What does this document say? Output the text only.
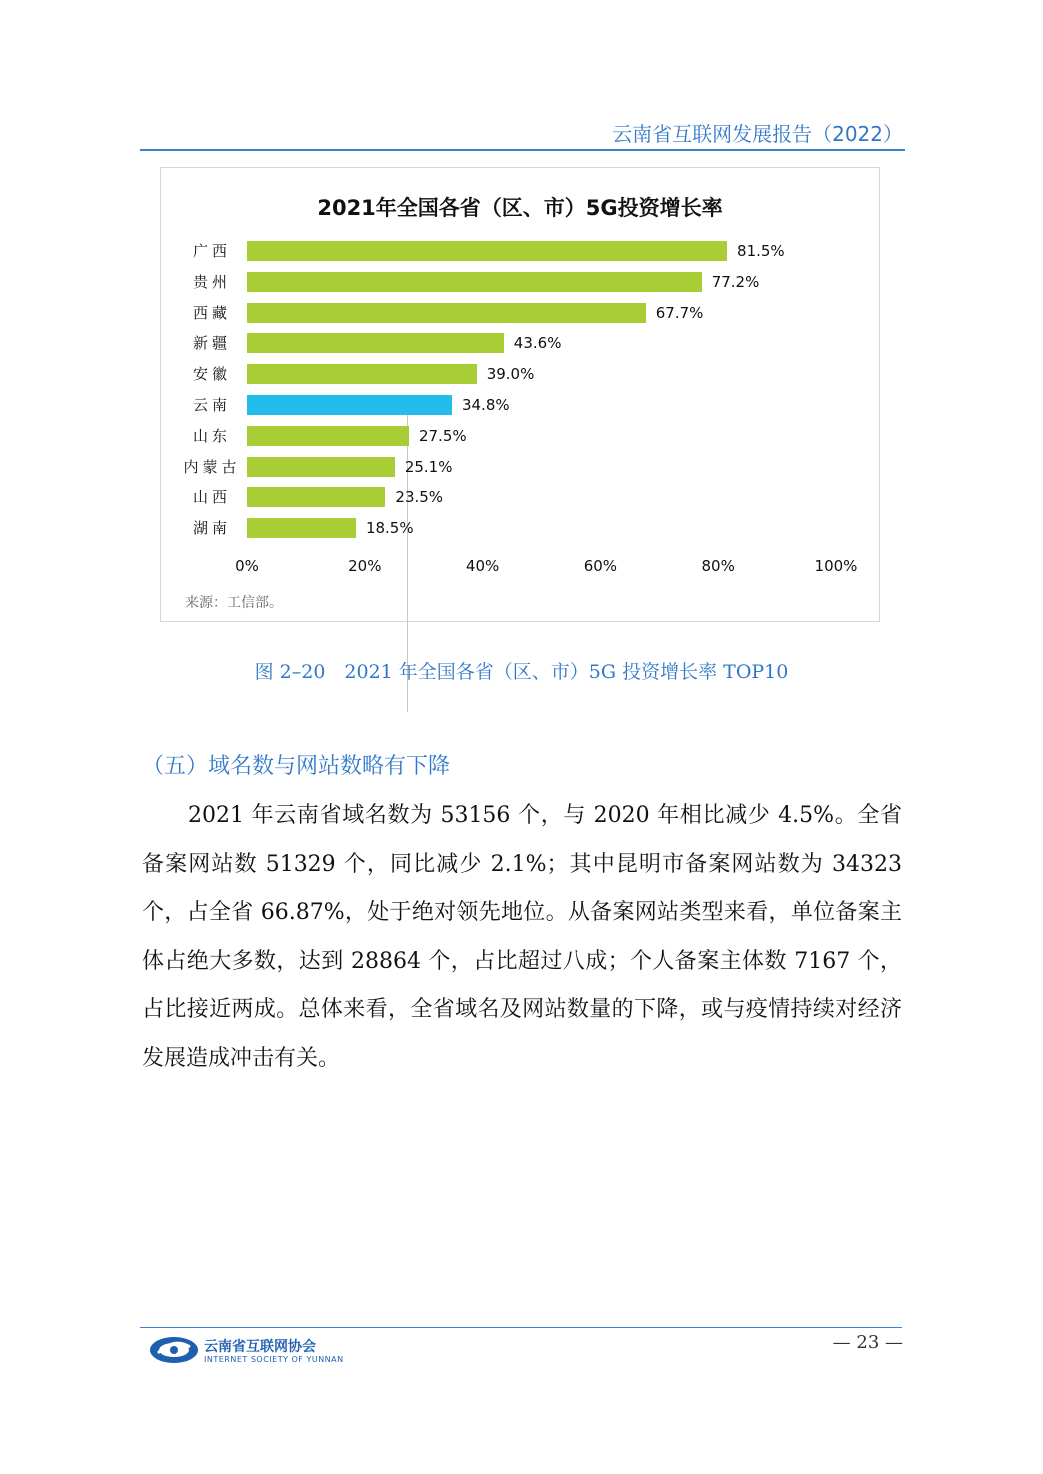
云南省互联网发展报告（2022）
2021年全国各省（区、市）5G投资增长率
广西	81.5%
贵州	77.2%
西藏	67.7%
新疆	43.6%
安徽	39.0%
云南	34.8%
山东	27.5%
内蒙古	25.1%
山西	23.5%
湖南	18.5%
0%	20%	40%	60%	80%	100%
来源：工信部。
图 2–20　2021 年全国各省（区、市）5G 投资增长率 TOP10
（五）域名数与网站数略有下降
2021 年云南省域名数为 53156 个，与 2020 年相比减少 4.5%。全省备案网站数 51329 个，同比减少 2.1%；其中昆明市备案网站数为 34323 个，占全省 66.87%，处于绝对领先地位。从备案网站类型来看，单位备案主体占绝大多数，达到 28864 个，占比超过八成；个人备案主体数 7167 个，占比接近两成。总体来看，全省域名及网站数量的下降，或与疫情持续对经济发展造成冲击有关。
云南省互联网协会
INTERNET SOCIETY OF YUNNAN
— 23 —
